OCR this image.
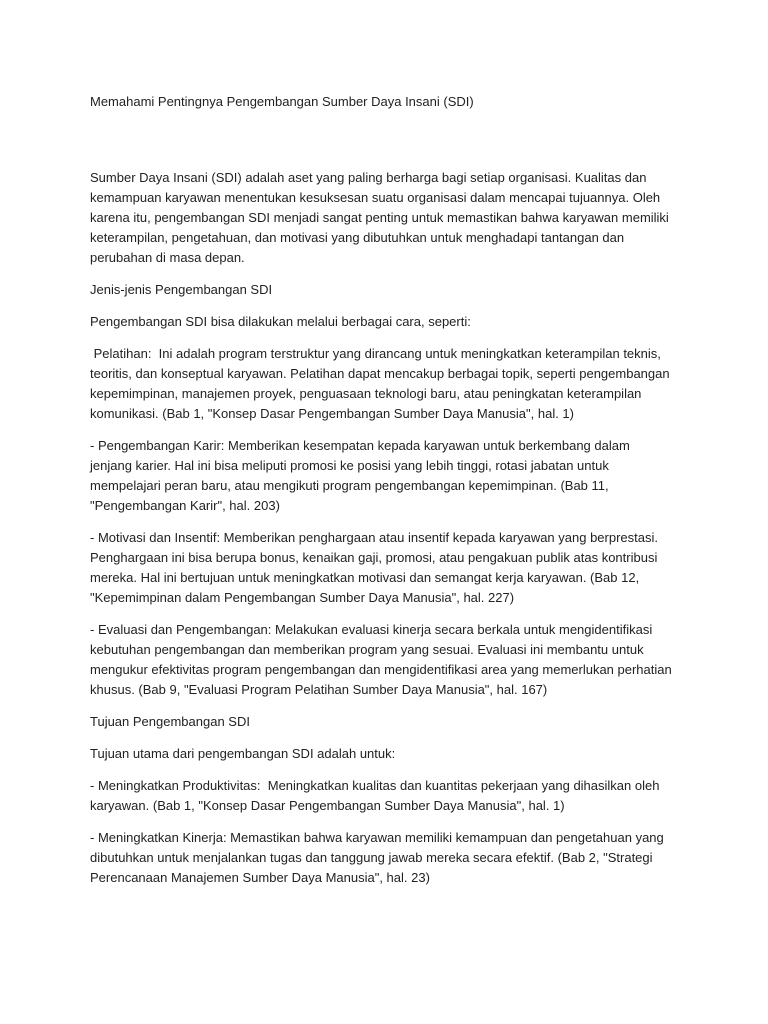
Memahami Pentingnya Pengembangan Sumber Daya Insani (SDI)

Sumber Daya Insani (SDI) adalah aset yang paling berharga bagi setiap organisasi. Kualitas dan kemampuan karyawan menentukan kesuksesan suatu organisasi dalam mencapai tujuannya. Oleh karena itu, pengembangan SDI menjadi sangat penting untuk memastikan bahwa karyawan memiliki keterampilan, pengetahuan, dan motivasi yang dibutuhkan untuk menghadapi tantangan dan perubahan di masa depan.

Jenis-jenis Pengembangan SDI

Pengembangan SDI bisa dilakukan melalui berbagai cara, seperti:

Pelatihan:  Ini adalah program terstruktur yang dirancang untuk meningkatkan keterampilan teknis, teoritis, dan konseptual karyawan. Pelatihan dapat mencakup berbagai topik, seperti pengembangan kepemimpinan, manajemen proyek, penguasaan teknologi baru, atau peningkatan keterampilan komunikasi. (Bab 1, "Konsep Dasar Pengembangan Sumber Daya Manusia", hal. 1)

- Pengembangan Karir: Memberikan kesempatan kepada karyawan untuk berkembang dalam jenjang karier. Hal ini bisa meliputi promosi ke posisi yang lebih tinggi, rotasi jabatan untuk mempelajari peran baru, atau mengikuti program pengembangan kepemimpinan. (Bab 11, "Pengembangan Karir", hal. 203)

- Motivasi dan Insentif: Memberikan penghargaan atau insentif kepada karyawan yang berprestasi. Penghargaan ini bisa berupa bonus, kenaikan gaji, promosi, atau pengakuan publik atas kontribusi mereka. Hal ini bertujuan untuk meningkatkan motivasi dan semangat kerja karyawan. (Bab 12, "Kepemimpinan dalam Pengembangan Sumber Daya Manusia", hal. 227)

- Evaluasi dan Pengembangan: Melakukan evaluasi kinerja secara berkala untuk mengidentifikasi kebutuhan pengembangan dan memberikan program yang sesuai. Evaluasi ini membantu untuk mengukur efektivitas program pengembangan dan mengidentifikasi area yang memerlukan perhatian khusus. (Bab 9, "Evaluasi Program Pelatihan Sumber Daya Manusia", hal. 167)

Tujuan Pengembangan SDI

Tujuan utama dari pengembangan SDI adalah untuk:

- Meningkatkan Produktivitas:  Meningkatkan kualitas dan kuantitas pekerjaan yang dihasilkan oleh karyawan. (Bab 1, "Konsep Dasar Pengembangan Sumber Daya Manusia", hal. 1)

- Meningkatkan Kinerja: Memastikan bahwa karyawan memiliki kemampuan dan pengetahuan yang dibutuhkan untuk menjalankan tugas dan tanggung jawab mereka secara efektif. (Bab 2, "Strategi Perencanaan Manajemen Sumber Daya Manusia", hal. 23)
